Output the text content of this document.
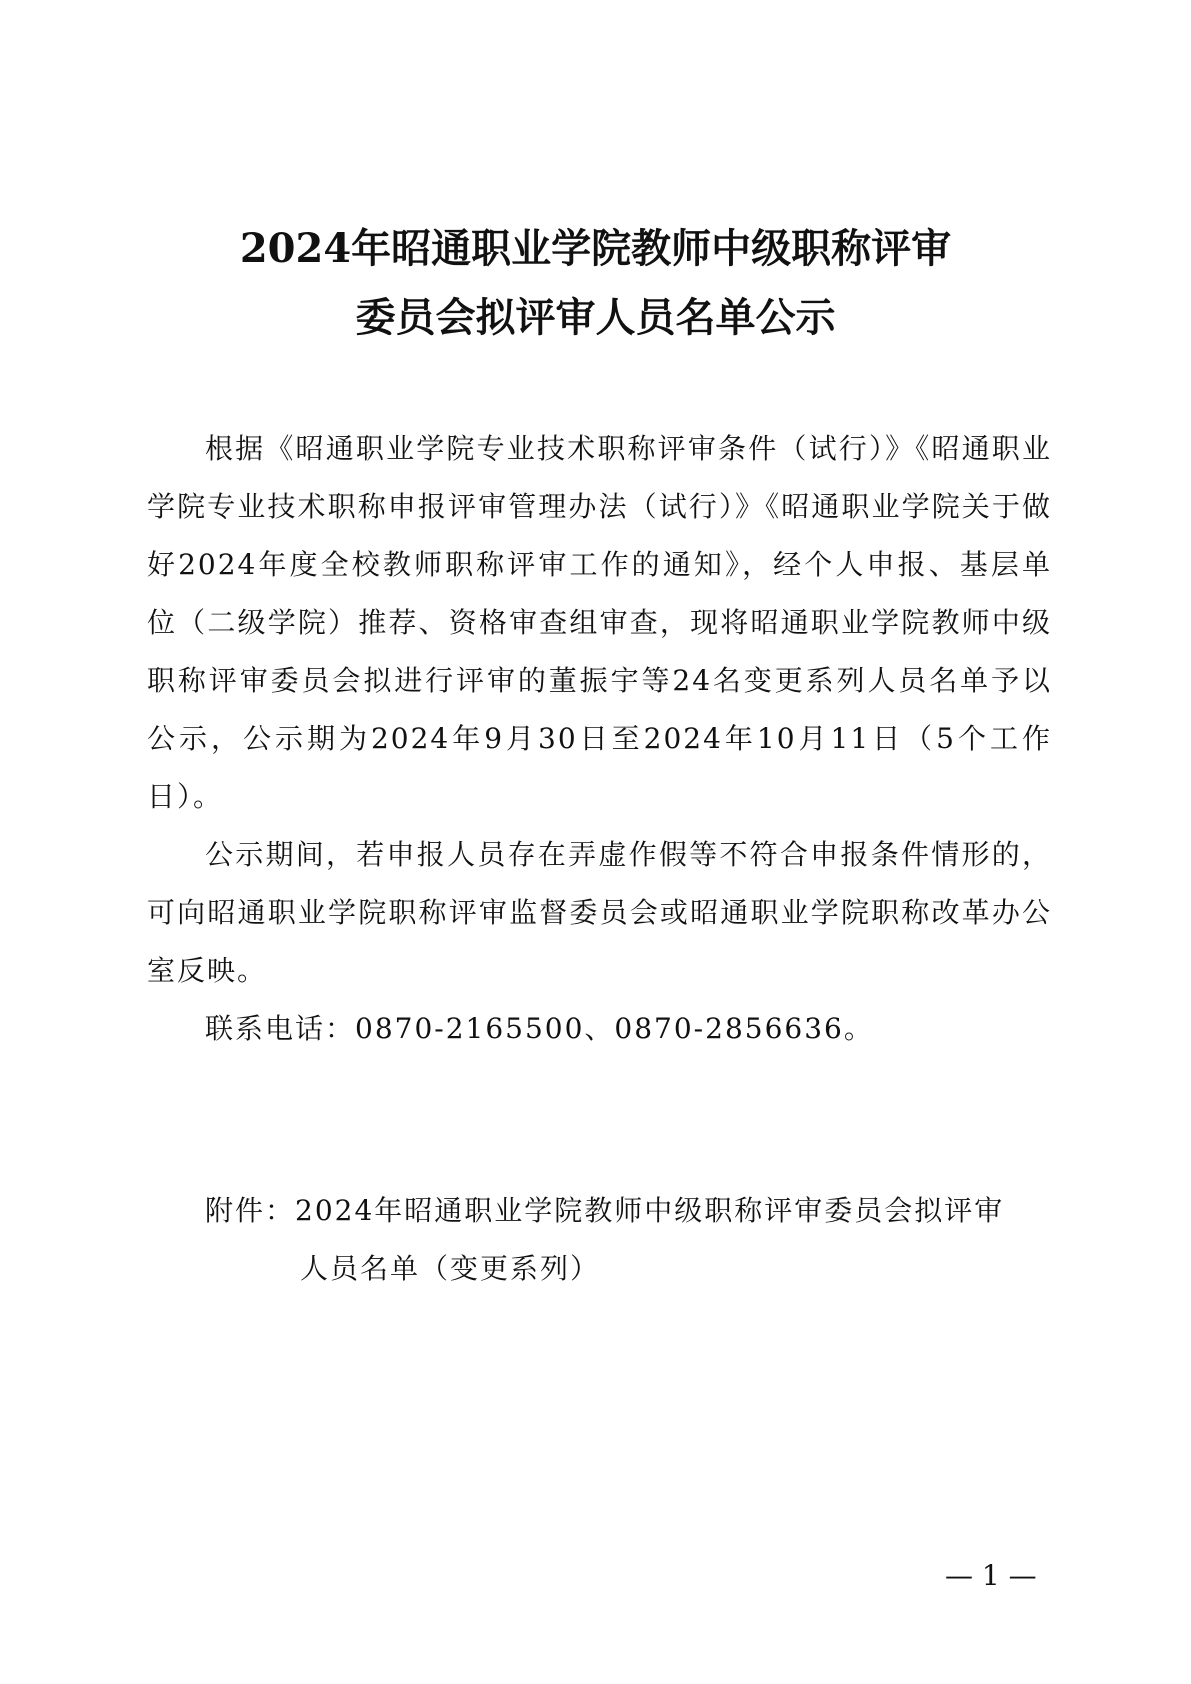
2024年昭通职业学院教师中级职称评审
委员会拟评审人员名单公示

根据《昭通职业学院专业技术职称评审条件（试行）》《昭通职业学院专业技术职称申报评审管理办法（试行）》《昭通职业学院关于做好2024年度全校教师职称评审工作的通知》，经个人申报、基层单位（二级学院）推荐、资格审查组审查，现将昭通职业学院教师中级职称评审委员会拟进行评审的董振宇等24名变更系列人员名单予以公示，公示期为2024年9月30日至2024年10月11日（5个工作日）。

公示期间，若申报人员存在弄虚作假等不符合申报条件情形的，可向昭通职业学院职称评审监督委员会或昭通职业学院职称改革办公室反映。

联系电话：0870-2165500、0870-2856636。

附件：2024年昭通职业学院教师中级职称评审委员会拟评审
人员名单（变更系列）
— 1 —
